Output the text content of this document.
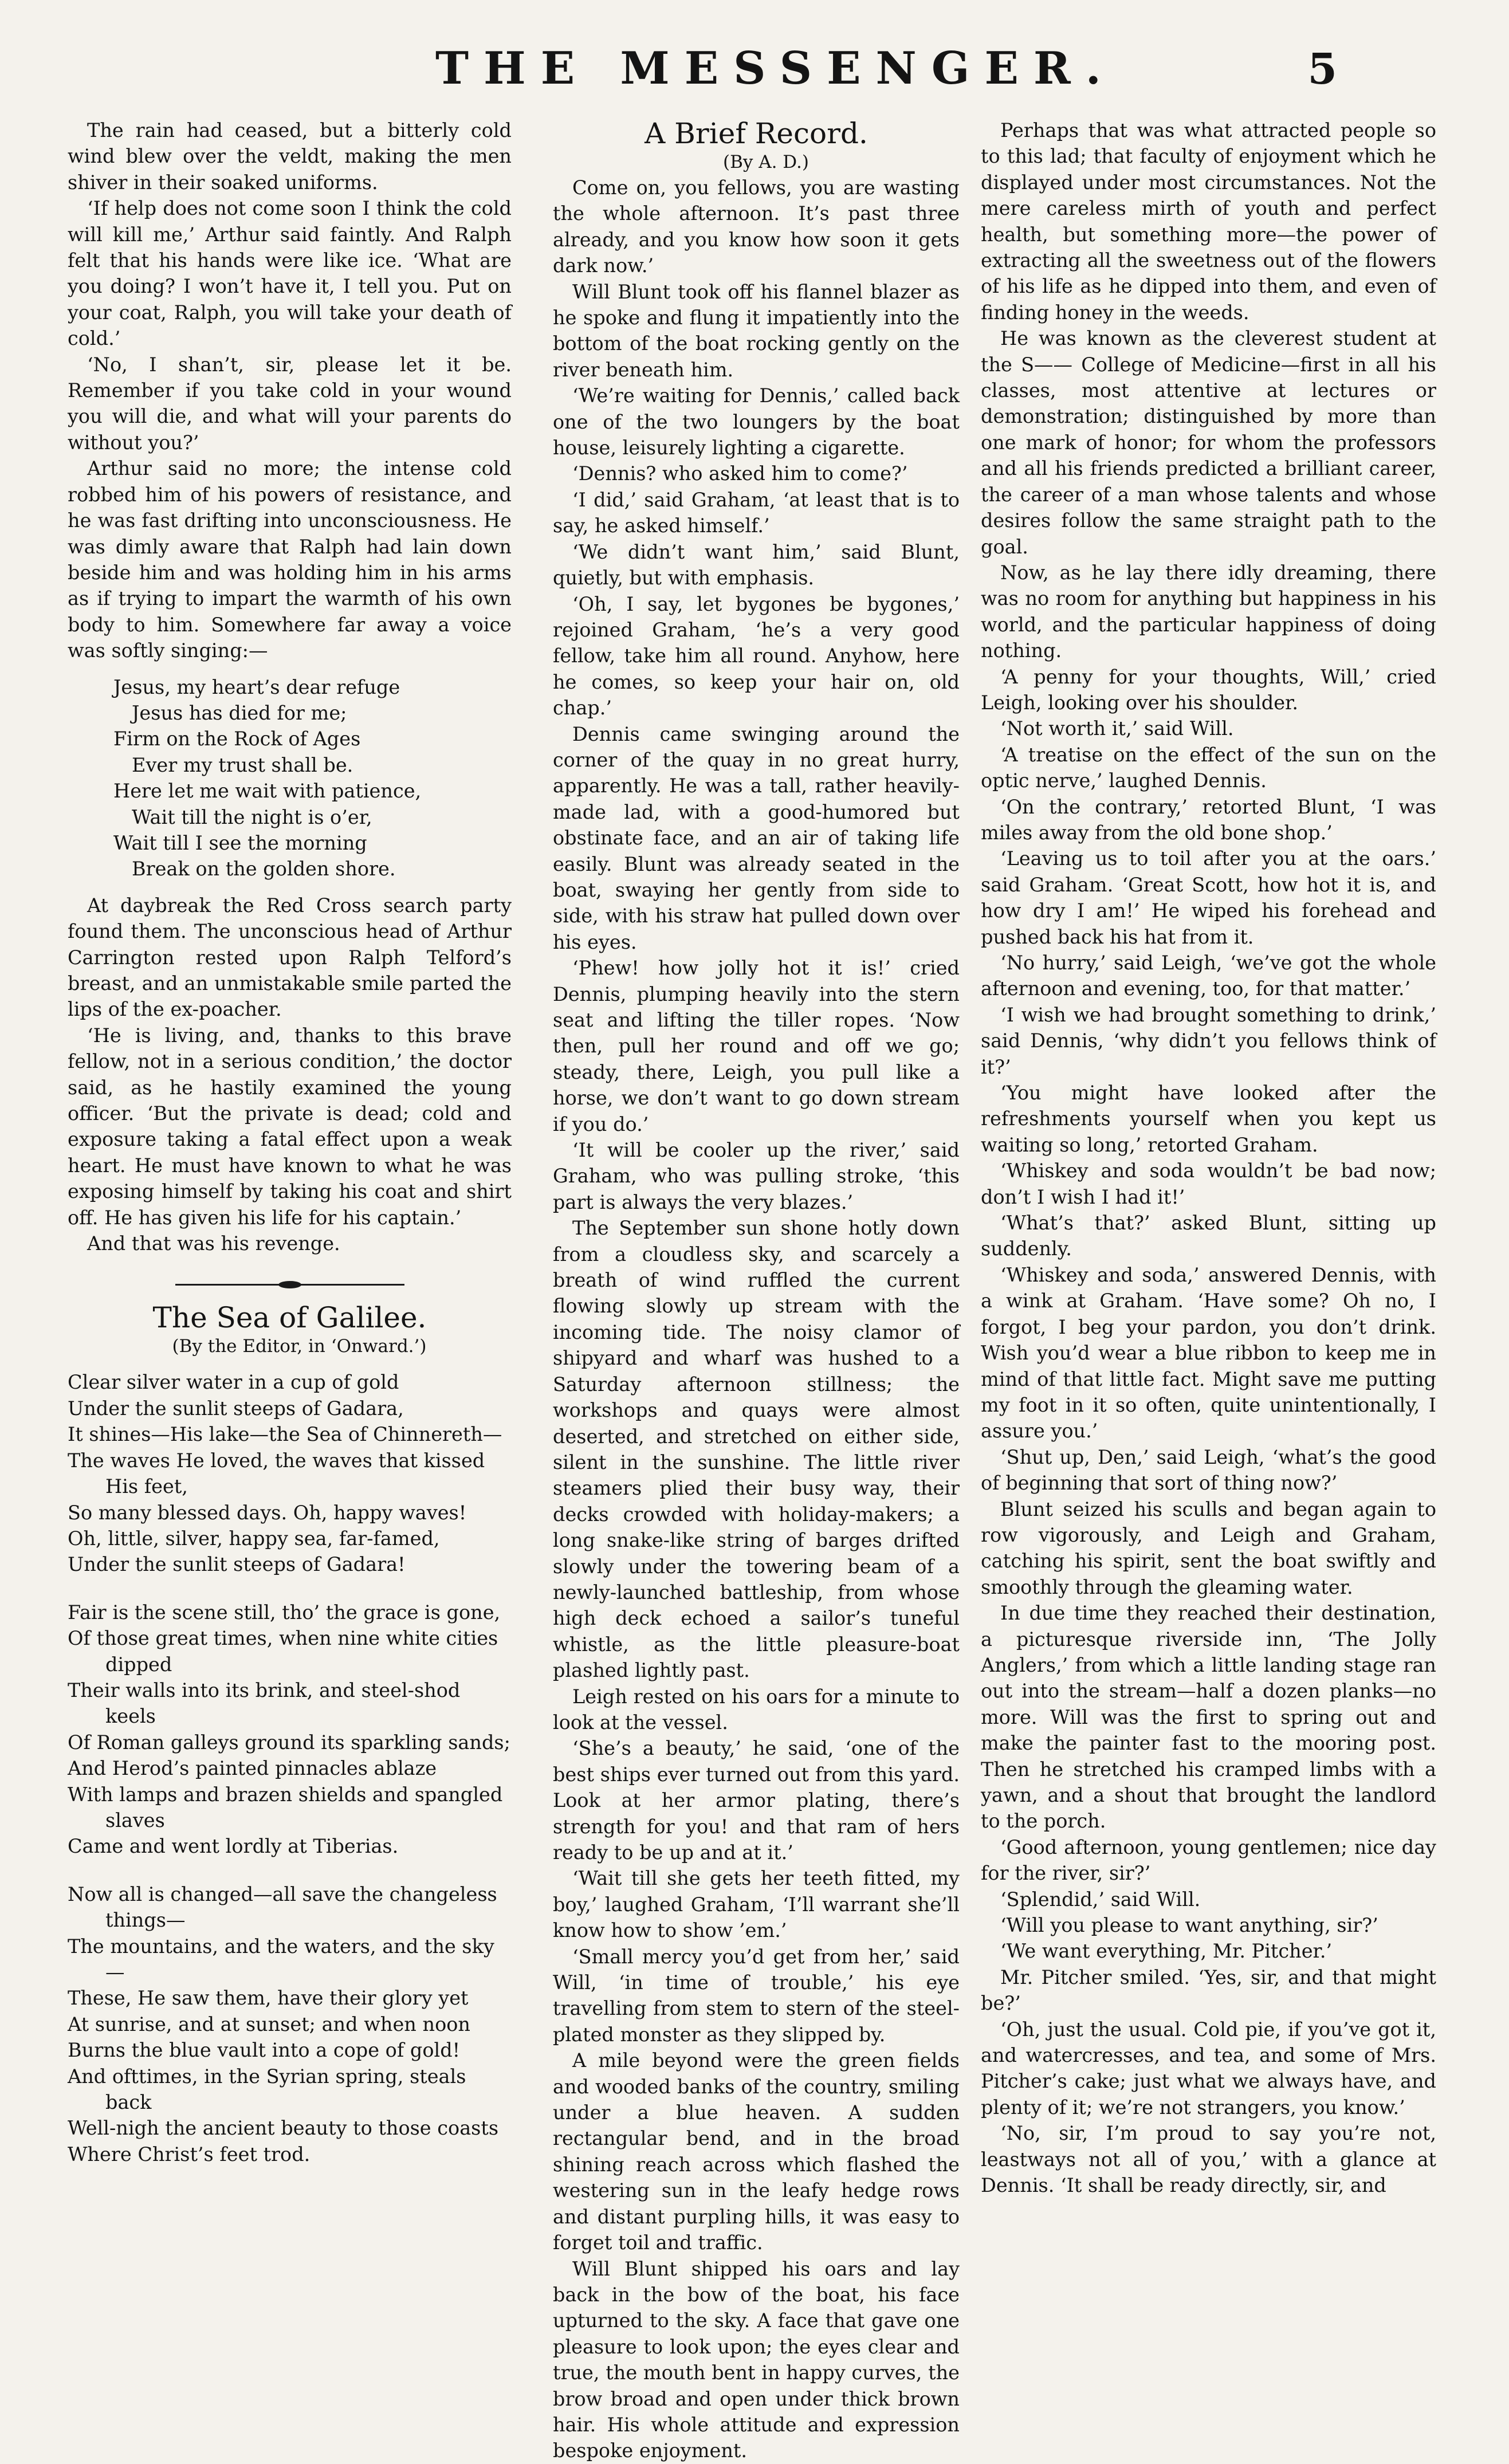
THE MESSENGER.	5

The rain had ceased, but a bitterly cold wind blew over the veldt, making the men shiver in their soaked uniforms.

‘If help does not come soon I think the cold will kill me,’ Arthur said faintly. And Ralph felt that his hands were like ice. ‘What are you doing? I won’t have it, I tell you. Put on your coat, Ralph, you will take your death of cold.’

‘No, I shan’t, sir, please let it be. Remember if you take cold in your wound you will die, and what will your parents do without you?’

Arthur said no more; the intense cold robbed him of his powers of resistance, and he was fast drifting into unconsciousness. He was dimly aware that Ralph had lain down beside him and was holding him in his arms as if trying to impart the warmth of his own body to him. Somewhere far away a voice was softly singing:—

Jesus, my heart’s dear refuge
Jesus has died for me;
Firm on the Rock of Ages
Ever my trust shall be.
Here let me wait with patience,
Wait till the night is o’er,
Wait till I see the morning
Break on the golden shore.

At daybreak the Red Cross search party found them. The unconscious head of Arthur Carrington rested upon Ralph Telford’s breast, and an unmistakable smile parted the lips of the ex-poacher.

‘He is living, and, thanks to this brave fellow, not in a serious condition,’ the doctor said, as he hastily examined the young officer. ‘But the private is dead; cold and exposure taking a fatal effect upon a weak heart. He must have known to what he was exposing himself by taking his coat and shirt off. He has given his life for his captain.’

And that was his revenge.

The Sea of Galilee.

(By the Editor, in ‘Onward.’)

Clear silver water in a cup of gold
Under the sunlit steeps of Gadara,
It shines—His lake—the Sea of Chinnereth—
The waves He loved, the waves that kissed His feet,
So many blessed days. Oh, happy waves!
Oh, little, silver, happy sea, far-famed,
Under the sunlit steeps of Gadara!
Fair is the scene still, tho’ the grace is gone,
Of those great times, when nine white cities dipped
Their walls into its brink, and steel-shod keels
Of Roman galleys ground its sparkling sands;
And Herod’s painted pinnacles ablaze
With lamps and brazen shields and spangled slaves
Came and went lordly at Tiberias.
Now all is changed—all save the changeless things—
The mountains, and the waters, and the sky—
These, He saw them, have their glory yet
At sunrise, and at sunset; and when noon
Burns the blue vault into a cope of gold!
And ofttimes, in the Syrian spring, steals back
Well-nigh the ancient beauty to those coasts
Where Christ’s feet trod.
A Brief Record.

(By A. D.)

Come on, you fellows, you are wasting the whole afternoon. It’s past three already, and you know how soon it gets dark now.’

Will Blunt took off his flannel blazer as he spoke and flung it impatiently into the bottom of the boat rocking gently on the river beneath him.

‘We’re waiting for Dennis,’ called back one of the two loungers by the boat house, leisurely lighting a cigarette.

‘Dennis? who asked him to come?’

‘I did,’ said Graham, ‘at least that is to say, he asked himself.’

‘We didn’t want him,’ said Blunt, quietly, but with emphasis.

‘Oh, I say, let bygones be bygones,’ rejoined Graham, ‘he’s a very good fellow, take him all round. Anyhow, here he comes, so keep your hair on, old chap.’

Dennis came swinging around the corner of the quay in no great hurry, apparently. He was a tall, rather heavily-made lad, with a good-humored but obstinate face, and an air of taking life easily. Blunt was already seated in the boat, swaying her gently from side to side, with his straw hat pulled down over his eyes.

‘Phew! how jolly hot it is!’ cried Dennis, plumping heavily into the stern seat and lifting the tiller ropes. ‘Now then, pull her round and off we go; steady, there, Leigh, you pull like a horse, we don’t want to go down stream if you do.’

‘It will be cooler up the river,’ said Graham, who was pulling stroke, ‘this part is always the very blazes.’

The September sun shone hotly down from a cloudless sky, and scarcely a breath of wind ruffled the current flowing slowly up stream with the incoming tide. The noisy clamor of shipyard and wharf was hushed to a Saturday afternoon stillness; the workshops and quays were almost deserted, and stretched on either side, silent in the sunshine. The little river steamers plied their busy way, their decks crowded with holiday-makers; a long snake-like string of barges drifted slowly under the towering beam of a newly-launched battleship, from whose high deck echoed a sailor’s tuneful whistle, as the little pleasure-boat plashed lightly past.

Leigh rested on his oars for a minute to look at the vessel.

‘She’s a beauty,’ he said, ‘one of the best ships ever turned out from this yard. Look at her armor plating, there’s strength for you! and that ram of hers ready to be up and at it.’

‘Wait till she gets her teeth fitted, my boy,’ laughed Graham, ‘I’ll warrant she’ll know how to show ’em.’

‘Small mercy you’d get from her,’ said Will, ‘in time of trouble,’ his eye travelling from stem to stern of the steel-plated monster as they slipped by.

A mile beyond were the green fields and wooded banks of the country, smiling under a blue heaven. A sudden rectangular bend, and in the broad shining reach across which flashed the westering sun in the leafy hedge rows and distant purpling hills, it was easy to forget toil and traffic.

Will Blunt shipped his oars and lay back in the bow of the boat, his face upturned to the sky. A face that gave one pleasure to look upon; the eyes clear and true, the mouth bent in happy curves, the brow broad and open under thick brown hair. His whole attitude and expression bespoke enjoyment.

Perhaps that was what attracted people so to this lad; that faculty of enjoyment which he displayed under most circumstances. Not the mere careless mirth of youth and perfect health, but something more—the power of extracting all the sweetness out of the flowers of his life as he dipped into them, and even of finding honey in the weeds.

He was known as the cleverest student at the S—— College of Medicine—first in all his classes, most attentive at lectures or demonstration; distinguished by more than one mark of honor; for whom the professors and all his friends predicted a brilliant career, the career of a man whose talents and whose desires follow the same straight path to the goal.

Now, as he lay there idly dreaming, there was no room for anything but happiness in his world, and the particular happiness of doing nothing.

‘A penny for your thoughts, Will,’ cried Leigh, looking over his shoulder.

‘Not worth it,’ said Will.

‘A treatise on the effect of the sun on the optic nerve,’ laughed Dennis.

‘On the contrary,’ retorted Blunt, ‘I was miles away from the old bone shop.’

‘Leaving us to toil after you at the oars.’ said Graham. ‘Great Scott, how hot it is, and how dry I am!’ He wiped his forehead and pushed back his hat from it.

‘No hurry,’ said Leigh, ‘we’ve got the whole afternoon and evening, too, for that matter.’

‘I wish we had brought something to drink,’ said Dennis, ‘why didn’t you fellows think of it?’

‘You might have looked after the refreshments yourself when you kept us waiting so long,’ retorted Graham.

‘Whiskey and soda wouldn’t be bad now; don’t I wish I had it!’

‘What’s that?’ asked Blunt, sitting up suddenly.

‘Whiskey and soda,’ answered Dennis, with a wink at Graham. ‘Have some? Oh no, I forgot, I beg your pardon, you don’t drink. Wish you’d wear a blue ribbon to keep me in mind of that little fact. Might save me putting my foot in it so often, quite unintentionally, I assure you.’

‘Shut up, Den,’ said Leigh, ‘what’s the good of beginning that sort of thing now?’

Blunt seized his sculls and began again to row vigorously, and Leigh and Graham, catching his spirit, sent the boat swiftly and smoothly through the gleaming water.

In due time they reached their destination, a picturesque riverside inn, ‘The Jolly Anglers,’ from which a little landing stage ran out into the stream—half a dozen planks—no more. Will was the first to spring out and make the painter fast to the mooring post. Then he stretched his cramped limbs with a yawn, and a shout that brought the landlord to the porch.

‘Good afternoon, young gentlemen; nice day for the river, sir?’

‘Splendid,’ said Will.

‘Will you please to want anything, sir?’

‘We want everything, Mr. Pitcher.’

Mr. Pitcher smiled. ‘Yes, sir, and that might be?’

‘Oh, just the usual. Cold pie, if you’ve got it, and watercresses, and tea, and some of Mrs. Pitcher’s cake; just what we always have, and plenty of it; we’re not strangers, you know.’

‘No, sir, I’m proud to say you’re not, leastways not all of you,’ with a glance at Dennis. ‘It shall be ready directly, sir, and
